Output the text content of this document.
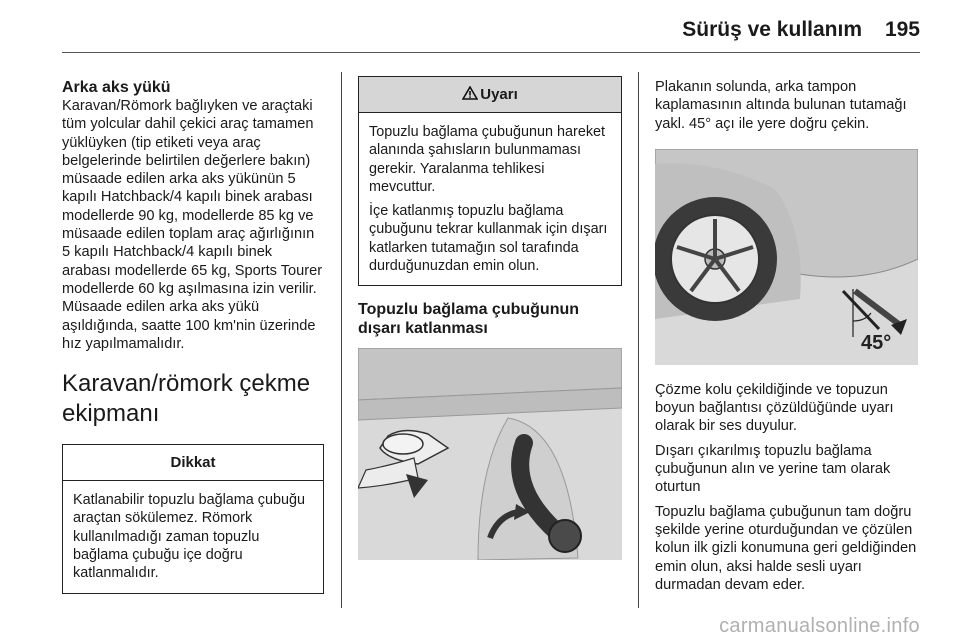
Sürüş ve kullanım 195
Arka aks yükü
Karavan/Römork bağlıyken ve araçtaki tüm yolcular dahil çekici araç tamamen yüklüyken (tip etiketi veya araç belgelerinde belirtilen değerlere bakın) müsaade edilen arka aks yükünün 5 kapılı Hatchback/4 kapılı binek arabası modellerde 90 kg, modellerde 85 kg ve müsaade edilen toplam araç ağırlığının 5 kapılı Hatchback/4 kapılı binek arabası modellerde 65 kg, Sports Tourer modellerde 60 kg aşılmasına izin verilir. Müsaade edilen arka aks yükü aşıldığında, saatte 100 km'nin üzerinde hız yapılmamalıdır.
Karavan/römork çekme ekipmanı
Dikkat
Katlanabilir topuzlu bağlama çubuğu araçtan sökülemez. Römork kullanılmadığı zaman topuzlu bağlama çubuğu içe doğru katlanmalıdır.
Uyarı

Topuzlu bağlama çubuğunun hareket alanında şahısların bulunmaması gerekir. Yaralanma tehlikesi mevcuttur.

İçe katlanmış topuzlu bağlama çubuğunu tekrar kullanmak için dışarı katlarken tutamağın sol tarafında durduğunuzdan emin olun.

Topuzlu bağlama çubuğunun dışarı katlanması

Plakanın solunda, arka tampon kaplamasının altında bulunan tutamağı yakl. 45° açı ile yere doğru çekin.

45°

Çözme kolu çekildiğinde ve topuzun boyun bağlantısı çözüldüğünde uyarı olarak bir ses duyulur.

Dışarı çıkarılmış topuzlu bağlama çubuğunun alın ve yerine tam olarak oturtun

Topuzlu bağlama çubuğunun tam doğru şekilde yerine oturduğundan ve çözülen kolun ilk gizli konumuna geri geldiğinden emin olun, aksi halde sesli uyarı durmadan devam eder.

carmanualsonline.info
